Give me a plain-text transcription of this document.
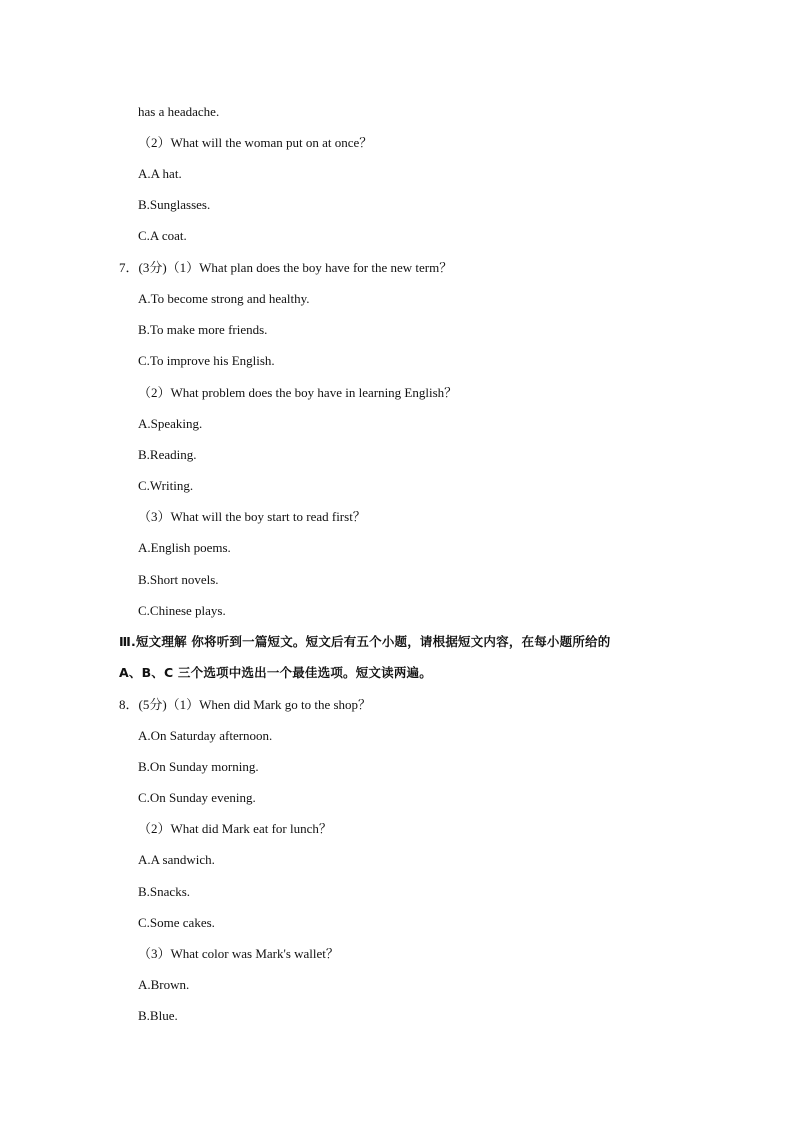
has a headache.
（2）What will the woman put on at once？
A.A hat.
B.Sunglasses.
C.A coat.
7．(3分)（1）What plan does the boy have for the new term？
A.To become strong and healthy.
B.To make more friends.
C.To improve his English.
（2）What problem does the boy have in learning English？
A.Speaking.
B.Reading.
C.Writing.
（3）What will the boy start to read first？
A.English poems.
B.Short novels.
C.Chinese plays.
Ⅲ.短文理解 你将听到一篇短文。短文后有五个小题，请根据短文内容，在每小题所给的
A、B、C 三个选项中选出一个最佳选项。短文读两遍。
8．(5分)（1）When did Mark go to the shop？
A.On Saturday afternoon.
B.On Sunday morning.
C.On Sunday evening.
（2）What did Mark eat for lunch？
A.A sandwich.
B.Snacks.
C.Some cakes.
（3）What color was Mark's wallet？
A.Brown.
B.Blue.
